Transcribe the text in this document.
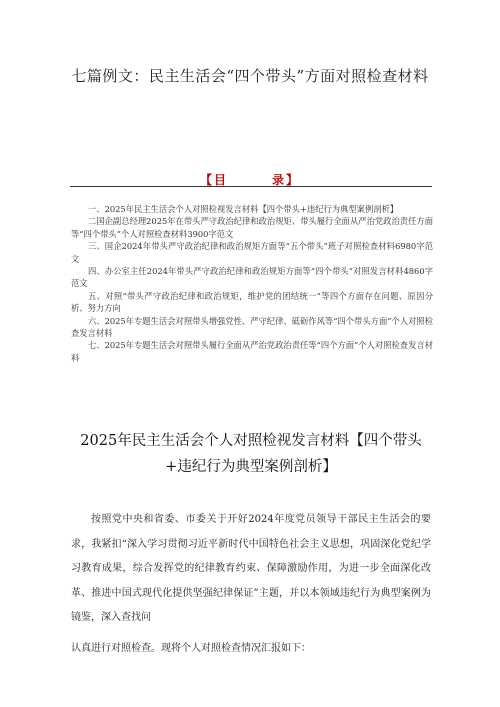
七篇例文：民主生活会“四个带头”方面对照检查材料
【目	录】
一、2025年民主生活会个人对照检视发言材料【四个带头+违纪行为典型案例剖析】
二国企副总经理2025年在带头严守政治纪律和政治规矩、带头履行全面从严治党政治责任方面等“四个带头”个人对照检查材料3900字范文
三、国企2024年带头严守政治纪律和政治规矩方面等“五个带头”班子对照检查材料6980字范文
四、办公室主任2024年带头严守政治纪律和政治规矩方面等“四个带头”对照发言材料4860字范文
五、对照“带头严守政治纪律和政治规矩，维护党的团结统一”等四个方面存在问题、原因分析、努力方向
六、2025年专题生活会对照带头增强党性、严守纪律、砥砺作风等“四个带头方面”个人对照检查发言材料
七、2025年专题生活会对照带头履行全面从严治党政治责任等“四个方面”个人对照检查发言材料
2025年民主生活会个人对照检视发言材料【四个带头+违纪行为典型案例剖析】

按照党中央和省委、市委关于开好2024年度党员领导干部民主生活会的要求，我紧扣“深入学习贯彻习近平新时代中国特色社会主义思想，巩固深化党纪学习教育成果，综合发挥党的纪律教育约束、保障激励作用，为进一步全面深化改革、推进中国式现代化提供坚强纪律保证”主题，并以本领域违纪行为典型案例为镜鉴，深入查找问

认真进行对照检查。现将个人对照检查情况汇报如下：
